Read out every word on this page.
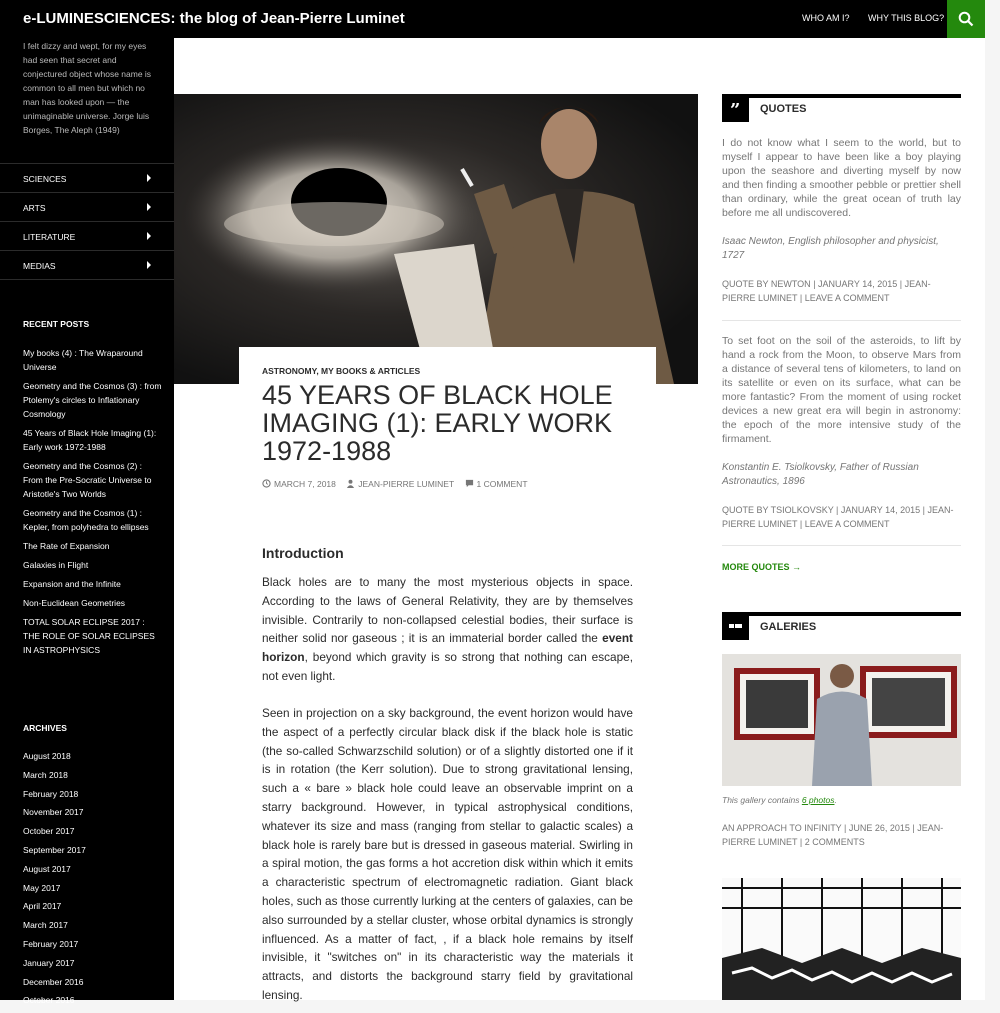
e-LUMINESCIENCES: the blog of Jean-Pierre Luminet	WHO AM I? WHY THIS BLOG?
I felt dizzy and wept, for my eyes had seen that secret and conjectured object whose name is common to all men but which no man has looked upon — the unimaginable universe. Jorge luis Borges, The Aleph (1949)
SCIENCES
ARTS
LITERATURE
MEDIAS
RECENT POSTS
My books (4) : The Wraparound Universe
Geometry and the Cosmos (3) : from Ptolemy's circles to Inflationary Cosmology
45 Years of Black Hole Imaging (1): Early work 1972-1988
Geometry and the Cosmos (2) : From the Pre-Socratic Universe to Aristotle's Two Worlds
Geometry and the Cosmos (1) : Kepler, from polyhedra to ellipses
The Rate of Expansion
Galaxies in Flight
Expansion and the Infinite
Non-Euclidean Geometries
TOTAL SOLAR ECLIPSE 2017 : THE ROLE OF SOLAR ECLIPSES IN ASTROPHYSICS
ARCHIVES
August 2018
March 2018
February 2018
November 2017
October 2017
September 2017
August 2017
May 2017
April 2017
March 2017
February 2017
January 2017
December 2016
October 2016
ASTRONOMY, MY BOOKS & ARTICLES
45 YEARS OF BLACK HOLE IMAGING (1): EARLY WORK 1972-1988
MARCH 7, 2018	JEAN-PIERRE LUMINET	1 COMMENT
Introduction

Black holes are to many the most mysterious objects in space. According to the laws of General Relativity, they are by themselves invisible. Contrarily to non-collapsed celestial bodies, their surface is neither solid nor gaseous ; it is an immaterial border called the event horizon, beyond which gravity is so strong that nothing can escape, not even light.

Seen in projection on a sky background, the event horizon would have the aspect of a perfectly circular black disk if the black hole is static (the so-called Schwarzschild solution) or of a slightly distorted one if it is in rotation (the Kerr solution). Due to strong gravitational lensing, such a « bare » black hole could leave an observable imprint on a starry background. However, in typical astrophysical conditions, whatever its size and mass (ranging from stellar to galactic scales) a black hole is rarely bare but is dressed in gaseous material. Swirling in a spiral motion, the gas forms a hot accretion disk within which it emits a characteristic spectrum of electromagnetic radiation. Giant black holes, such as those currently lurking at the centers of galaxies, can be also surrounded by a stellar cluster, whose orbital dynamics is strongly influenced. As a matter of fact, , if a black hole remains by itself invisible, it "switches on" in its characteristic way the materials it attracts, and distorts the background starry field by gravitational lensing.

” QUOTES
I do not know what I seem to the world, but to myself I appear to have been like a boy playing upon the seashore and diverting myself by now and then finding a smoother pebble or prettier shell than ordinary, while the great ocean of truth lay before me all undiscovered.
Isaac Newton, English philosopher and physicist, 1727
QUOTE BY NEWTON | JANUARY 14, 2015 | JEAN-PIERRE LUMINET | LEAVE A COMMENT
To set foot on the soil of the asteroids, to lift by hand a rock from the Moon, to observe Mars from a distance of several tens of kilometers, to land on its satellite or even on its surface, what can be more fantastic? From the moment of using rocket devices a new great era will begin in astronomy: the epoch of the more intensive study of the firmament.
Konstantin E. Tsiolkovsky, Father of Russian Astronautics, 1896
QUOTE BY TSIOLKOVSKY | JANUARY 14, 2015 | JEAN-PIERRE LUMINET | LEAVE A COMMENT
MORE QUOTES →
GALERIES
This gallery contains 6 photos.
AN APPROACH TO INFINITY | JUNE 26, 2015 | JEAN-PIERRE LUMINET | 2 COMMENTS
